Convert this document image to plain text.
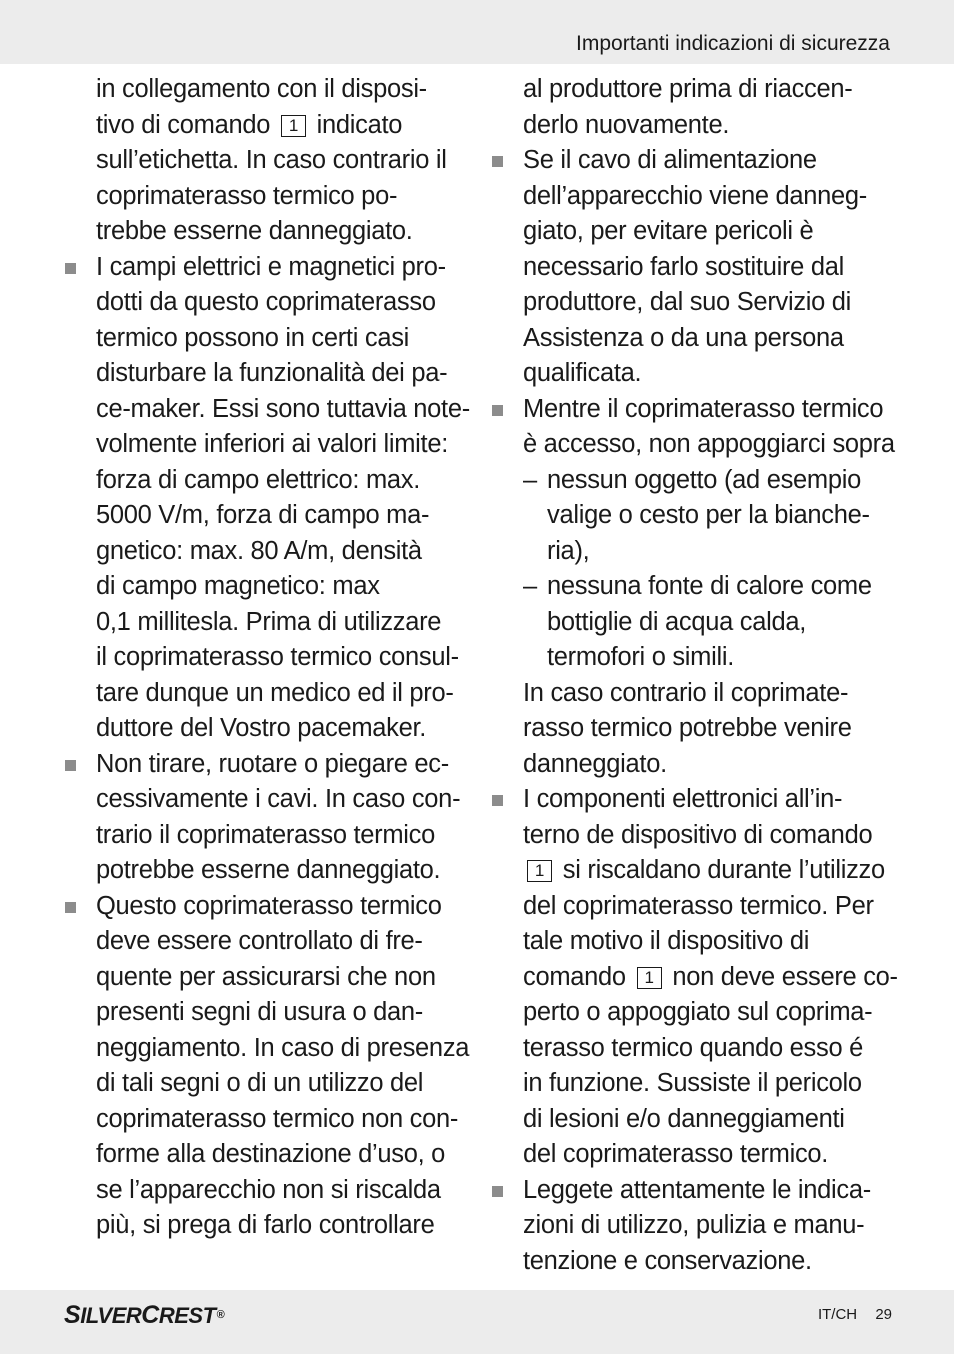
Importanti indicazioni di sicurezza
in collegamento con il disposi-
tivo di comando 1 indicato
sull’etichetta. In caso contrario il
coprimaterasso termico po-
trebbe esserne danneggiato.
I campi elettrici e magnetici pro-
dotti da questo coprimaterasso
termico possono in certi casi
disturbare la funzionalità dei pa-
ce-maker. Essi sono tuttavia note-
volmente inferiori ai valori limite:
forza di campo elettrico: max.
5000 V/m, forza di campo ma-
gnetico: max. 80 A/m, densità
di campo magnetico: max
0,1 millitesla. Prima di utilizzare
il coprimaterasso termico consul-
tare dunque un medico ed il pro-
duttore del Vostro pacemaker.
Non tirare, ruotare o piegare ec-
cessivamente i cavi. In caso con-
trario il coprimaterasso termico
potrebbe esserne danneggiato.
Questo coprimaterasso termico
deve essere controllato di fre-
quente per assicurarsi che non
presenti segni di usura o dan-
neggiamento. In caso di presenza
di tali segni o di un utilizzo del
coprimaterasso termico non con-
forme alla destinazione d’uso, o
se l’apparecchio non si riscalda
più, si prega di farlo controllare
al produttore prima di riaccen-
derlo nuovamente.
Se il cavo di alimentazione
dell’apparecchio viene danneg-
giato, per evitare pericoli è
necessario farlo sostituire dal
produttore, dal suo Servizio di
Assistenza o da una persona
qualificata.
Mentre il coprimaterasso termico
è accesso, non appoggiarci sopra
– nessun oggetto (ad esempio
valige o cesto per la bianche-
ria),
– nessuna fonte di calore come
bottiglie di acqua calda,
termofori o simili.
In caso contrario il coprimate-
rasso termico potrebbe venire
danneggiato.
I componenti elettronici all’in-
terno de dispositivo di comando
1 si riscaldano durante l’utilizzo
del coprimaterasso termico. Per
tale motivo il dispositivo di
comando 1 non deve essere co-
perto o appoggiato sul coprima-
terasso termico quando esso é
in funzione. Sussiste il pericolo
di lesioni e/o danneggiamenti
del coprimaterasso termico.
Leggete attentamente le indica-
zioni di utilizzo, pulizia e manu-
tenzione e conservazione.
SILVERCREST®	IT/CH 29
